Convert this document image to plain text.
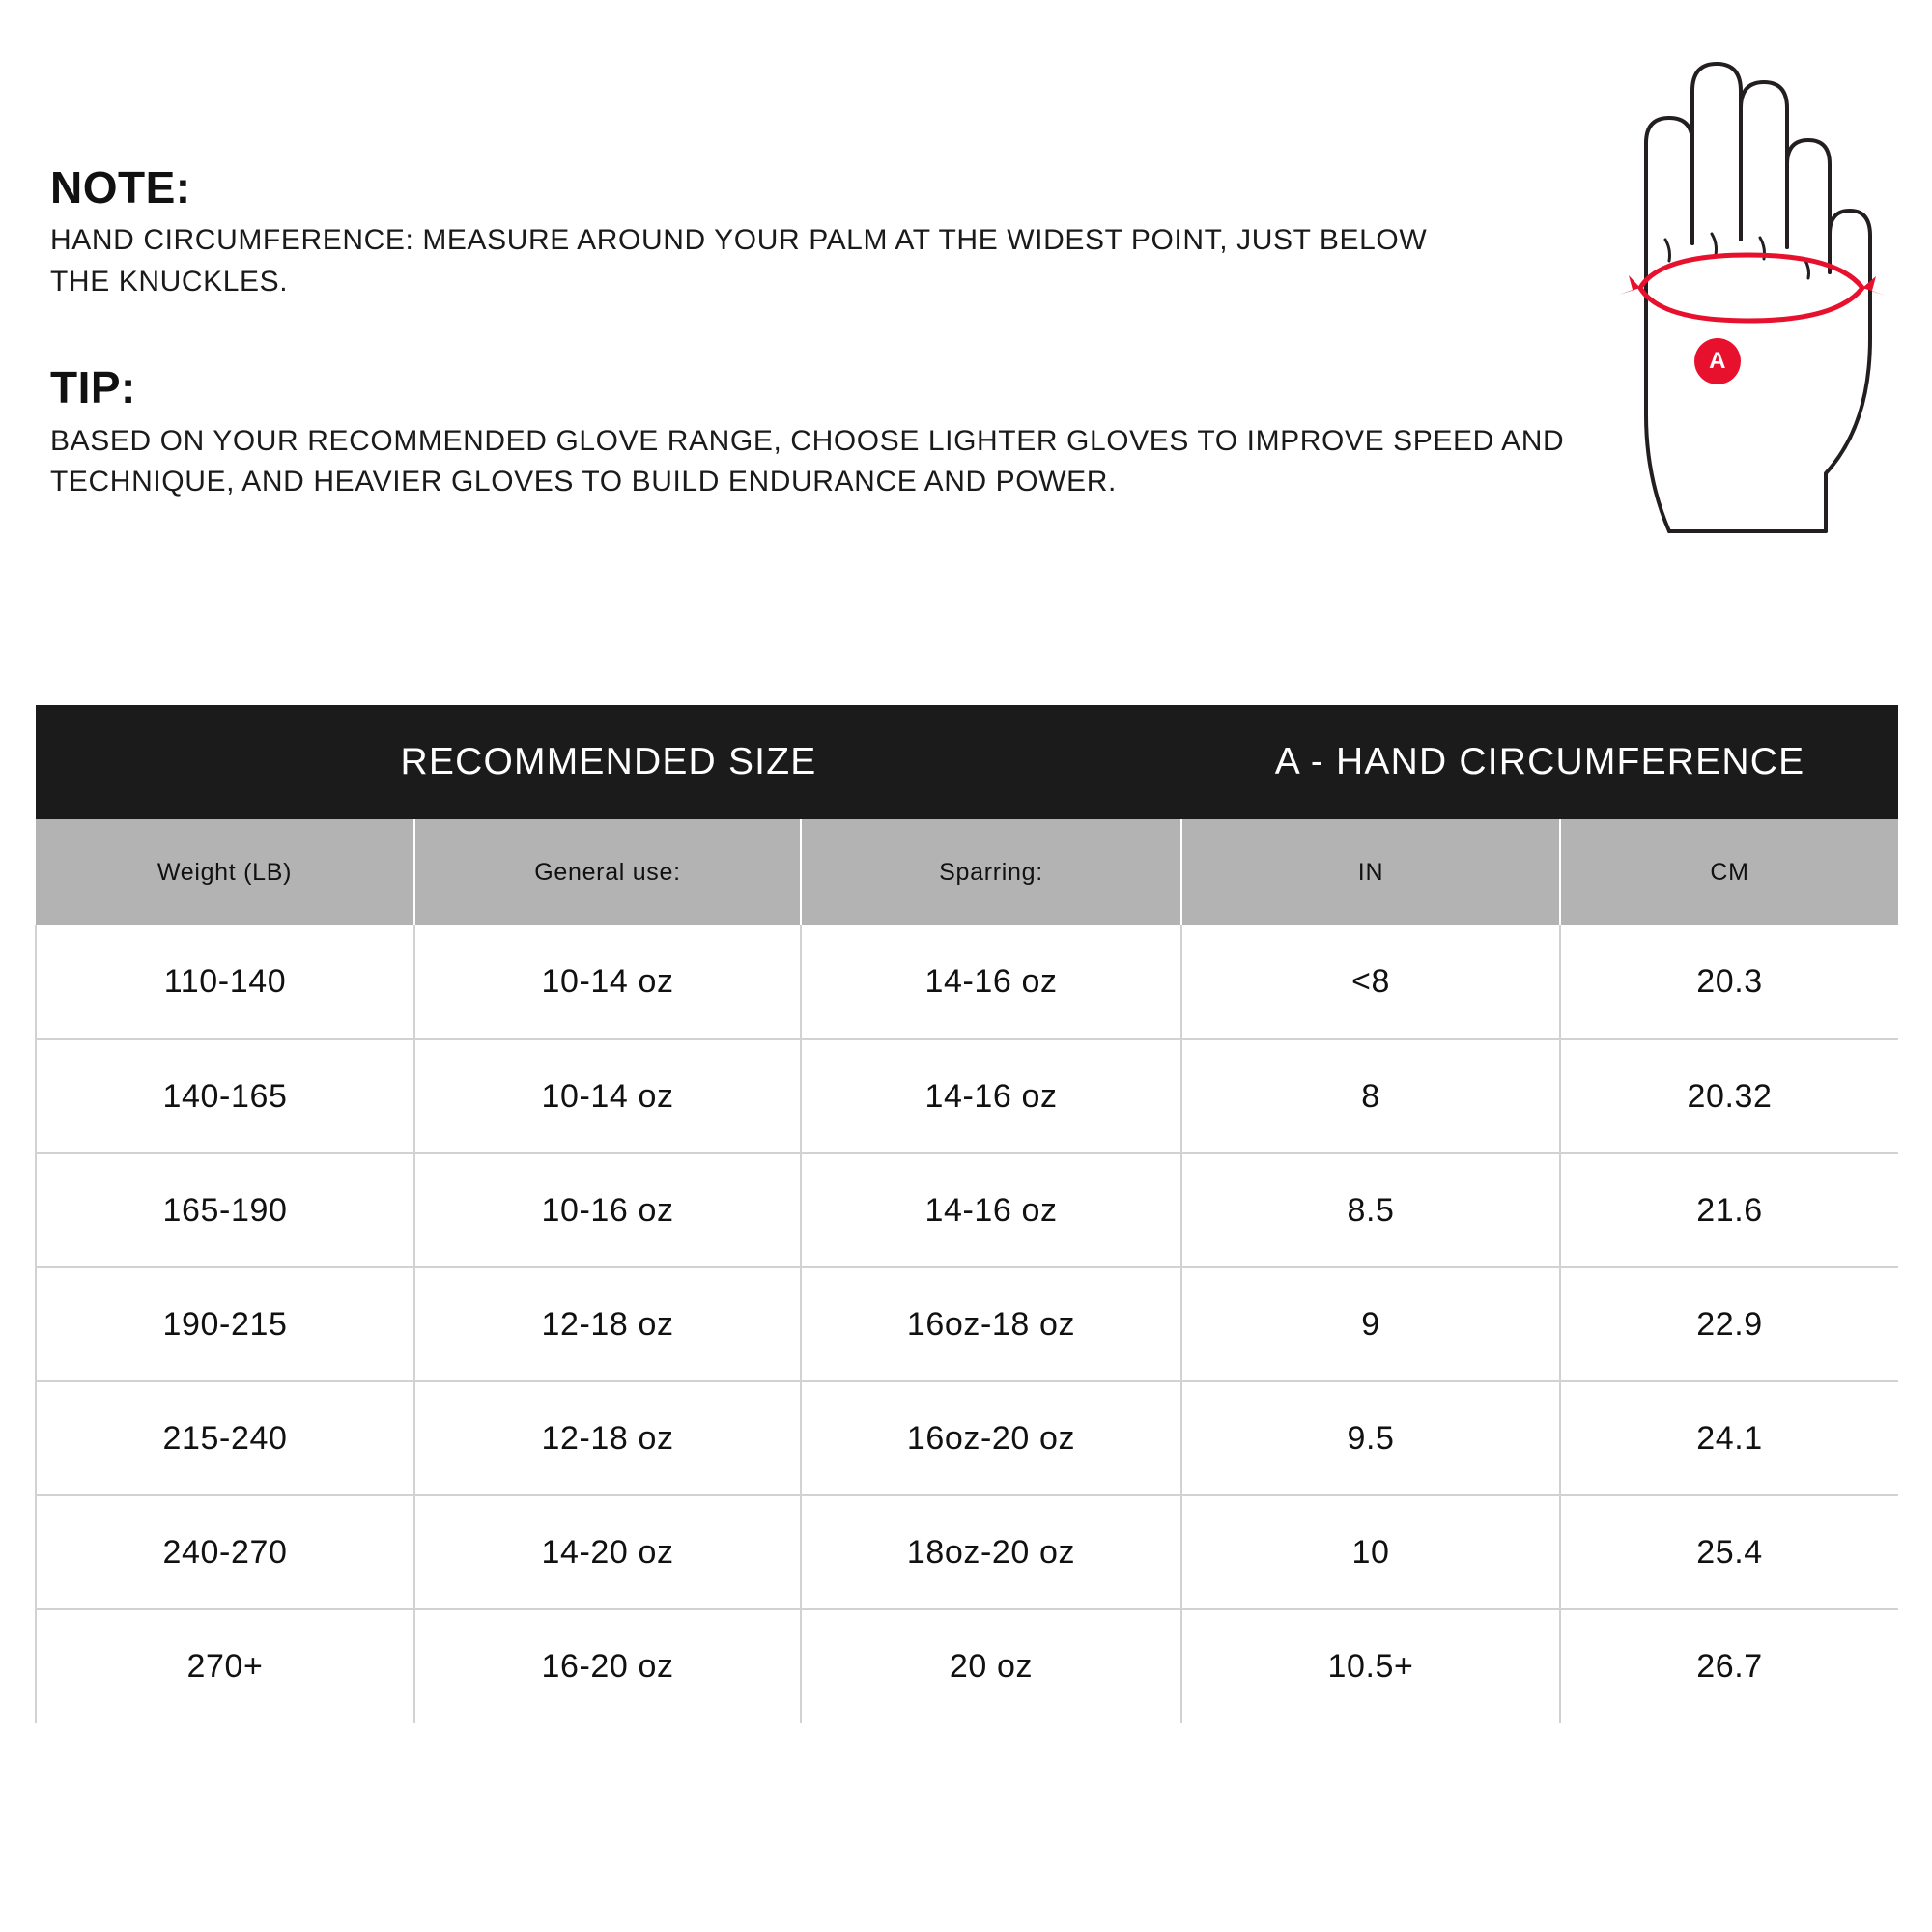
NOTE:

HAND CIRCUMFERENCE: MEASURE AROUND YOUR PALM AT THE WIDEST POINT, JUST BELOW THE KNUCKLES.

TIP:

BASED ON YOUR RECOMMENDED GLOVE RANGE, CHOOSE LIGHTER GLOVES TO IMPROVE SPEED AND TECHNIQUE, AND HEAVIER GLOVES TO BUILD ENDURANCE AND POWER.

A
RECOMMENDED SIZE			A - HAND CIRCUMFERENCE	
Weight (LB)	General use:	Sparring:	IN	CM
110-140	10-14 oz	14-16 oz	<8	20.3
140-165	10-14 oz	14-16 oz	8	20.32
165-190	10-16 oz	14-16 oz	8.5	21.6
190-215	12-18 oz	16oz-18 oz	9	22.9
215-240	12-18 oz	16oz-20 oz	9.5	24.1
240-270	14-20 oz	18oz-20 oz	10	25.4
270+	16-20 oz	20 oz	10.5+	26.7
